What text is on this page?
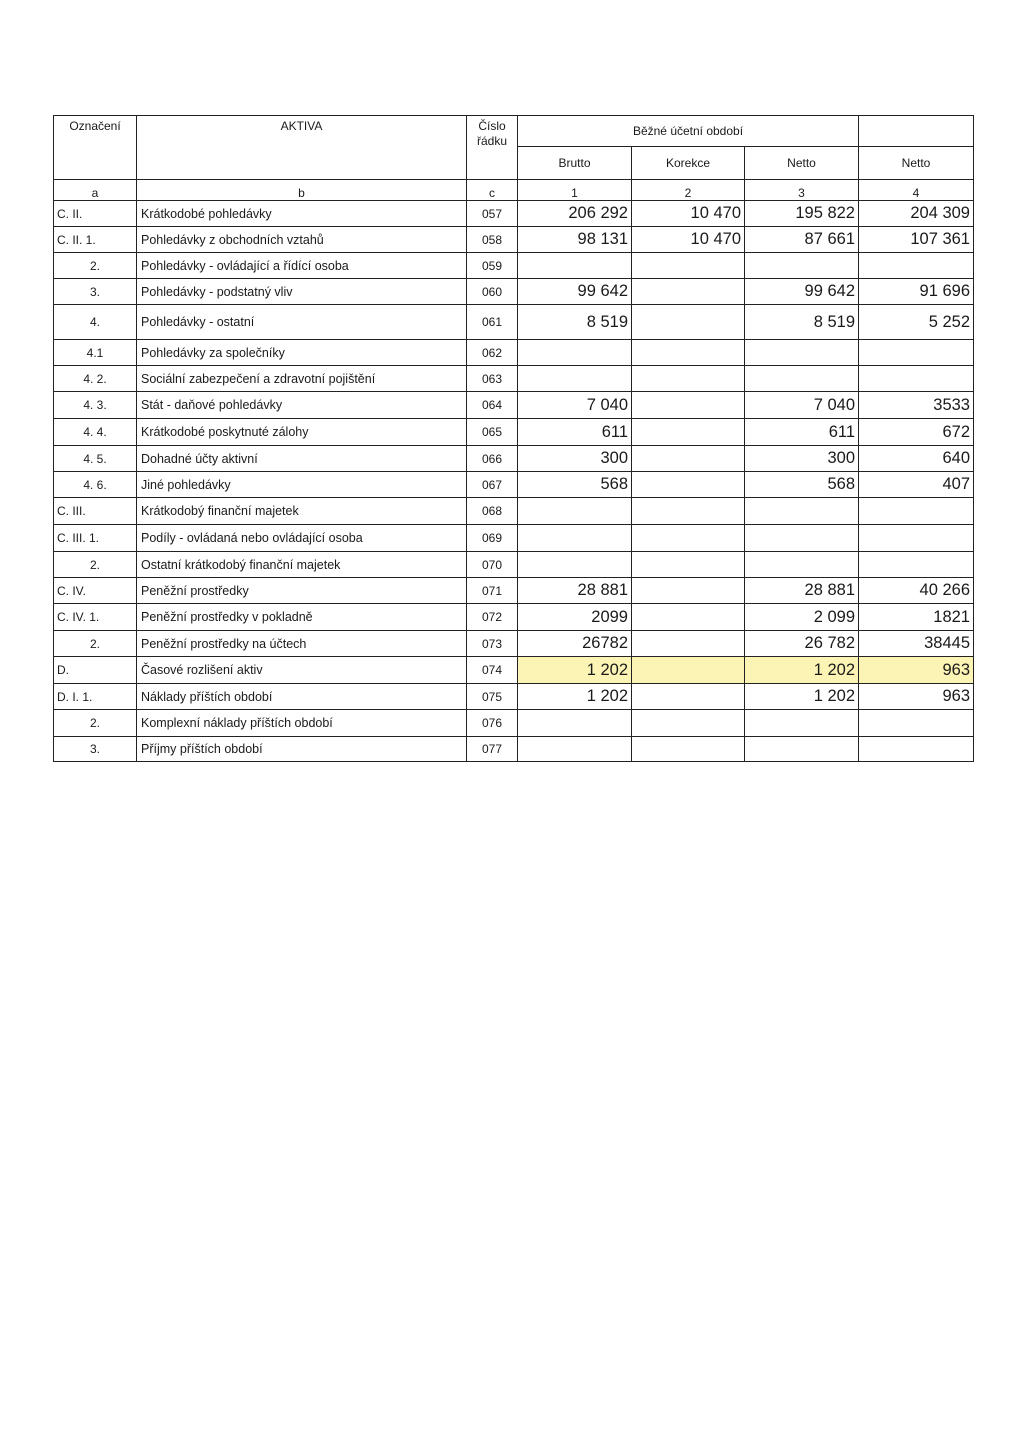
Označení	AKTIVA	Číslo
řádku	Běžné účetní období			
			Brutto	Korekce	Netto	Netto
a	b	c	1	2	3	4
C. II.	Krátkodobé pohledávky	057	206 292	10 470	195 822	204 309
C. II. 1.	Pohledávky z obchodních vztahů	058	98 131	10 470	87 661	107 361
2.	Pohledávky - ovládající a řídící osoba	059				
3.	Pohledávky - podstatný vliv	060	99 642		99 642	91 696
4.	Pohledávky - ostatní	061	8 519		8 519	5 252
4.1	Pohledávky za společníky	062				
4. 2.	Sociální zabezpečení a zdravotní pojištění	063				
4. 3.	Stát - daňové pohledávky	064	7 040		7 040	3533
4. 4.	Krátkodobé poskytnuté zálohy	065	611		611	672
4. 5.	Dohadné účty aktivní	066	300		300	640
4. 6.	Jiné pohledávky	067	568		568	407
C. III.	Krátkodobý finanční majetek	068				
C. III. 1.	Podíly - ovládaná nebo ovládající osoba	069				
2.	Ostatní krátkodobý finanční majetek	070				
C. IV.	Peněžní prostředky	071	28 881		28 881	40 266
C. IV. 1.	Peněžní prostředky v pokladně	072	2099		2 099	1821
2.	Peněžní prostředky na účtech	073	26782		26 782	38445
D.	Časové rozlišení aktiv	074	1 202		1 202	963
D. I. 1.	Náklady příštích období	075	1 202		1 202	963
2.	Komplexní náklady příštích období	076				
3.	Příjmy příštích období	077				
